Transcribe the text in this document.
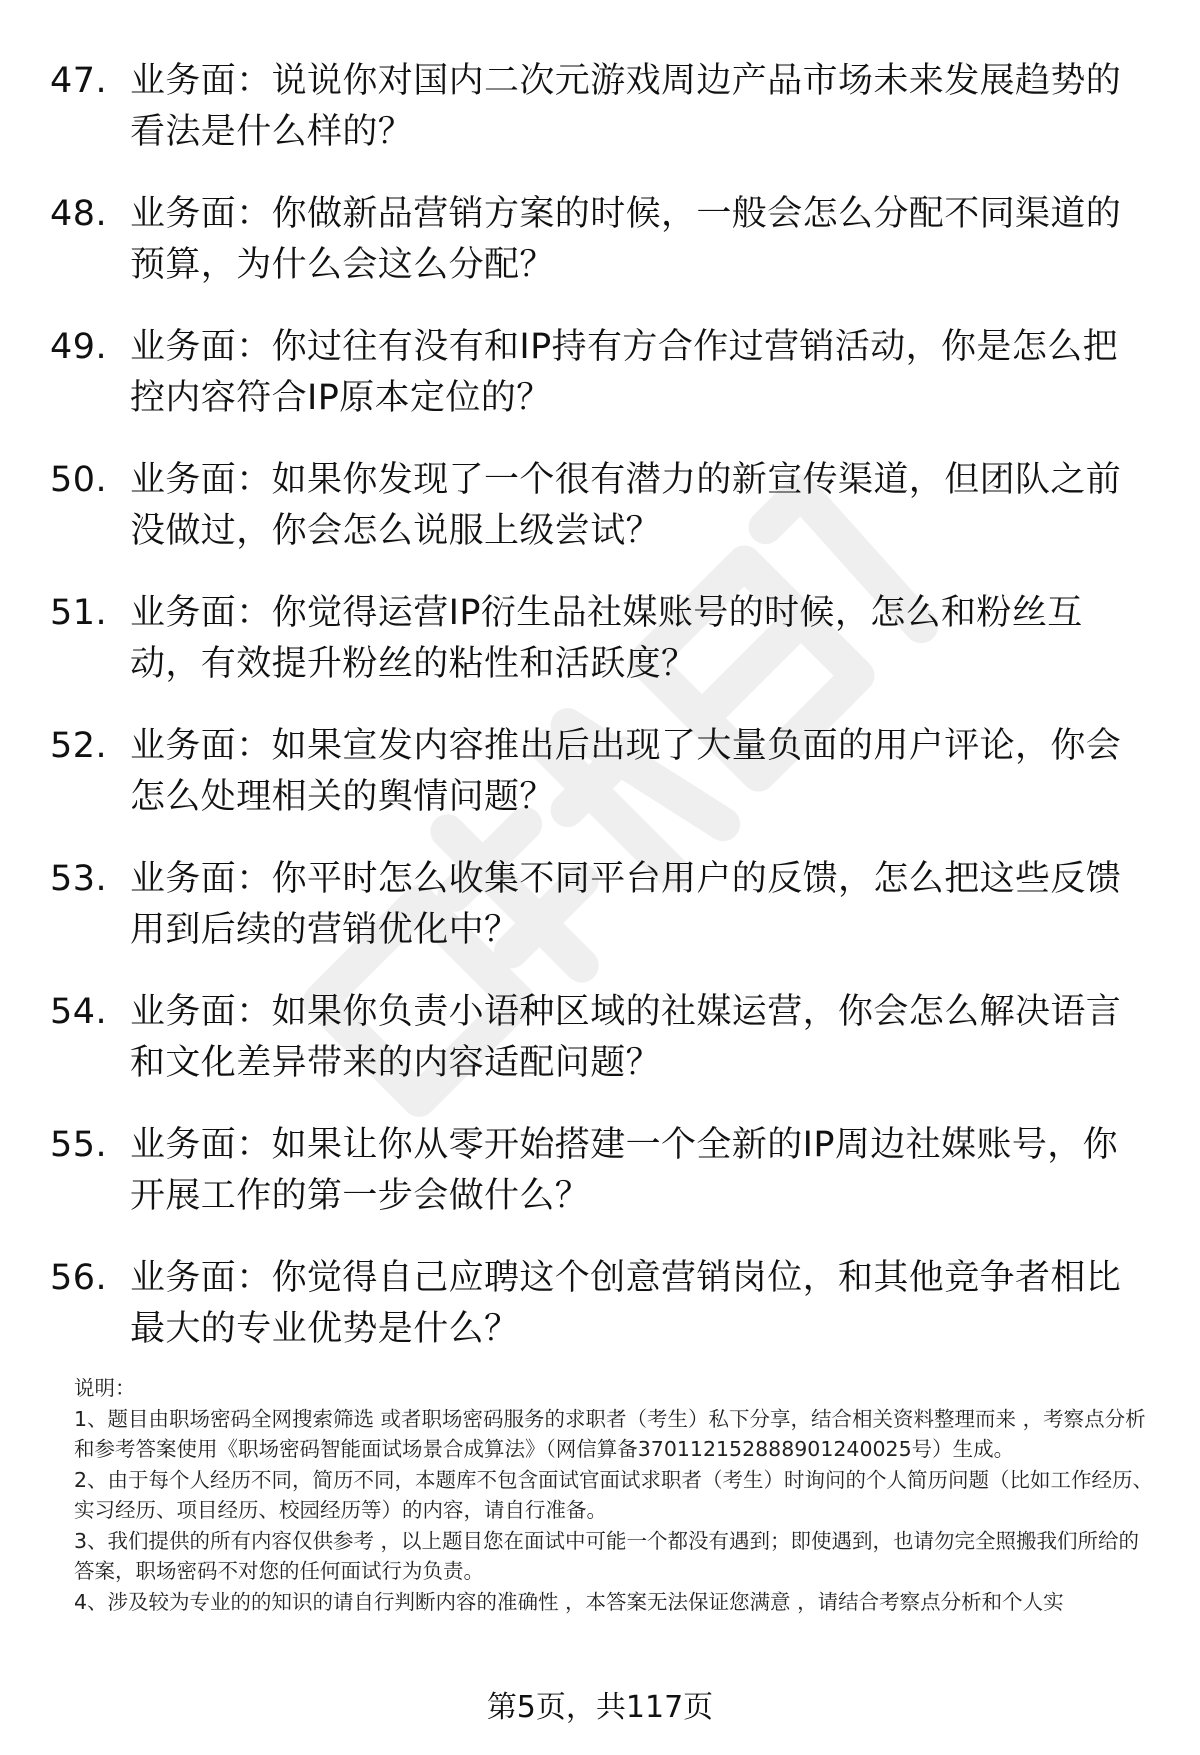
47. 业务面：说说你对国内二次元游戏周边产品市场未来发展趋势的看法是什么样的？
48. 业务面：你做新品营销方案的时候，一般会怎么分配不同渠道的预算，为什么会这么分配？
49. 业务面：你过往有没有和IP持有方合作过营销活动，你是怎么把控内容符合IP原本定位的？
50. 业务面：如果你发现了一个很有潜力的新宣传渠道，但团队之前没做过，你会怎么说服上级尝试？
51. 业务面：你觉得运营IP衍生品社媒账号的时候，怎么和粉丝互动，有效提升粉丝的粘性和活跃度？
52. 业务面：如果宣发内容推出后出现了大量负面的用户评论，你会怎么处理相关的舆情问题？
53. 业务面：你平时怎么收集不同平台用户的反馈，怎么把这些反馈用到后续的营销优化中？
54. 业务面：如果你负责小语种区域的社媒运营，你会怎么解决语言和文化差异带来的内容适配问题？
55. 业务面：如果让你从零开始搭建一个全新的IP周边社媒账号，你开展工作的第一步会做什么？
56. 业务面：你觉得自己应聘这个创意营销岗位，和其他竞争者相比最大的专业优势是什么？

说明：

1、题目由职场密码全网搜索筛选 或者职场密码服务的求职者（考生）私下分享，结合相关资料整理而来 ，考察点分析和参考答案使用《职场密码智能面试场景合成算法》（网信算备370112152888901240025号）生成。

2、由于每个人经历不同，简历不同，本题库不包含面试官面试求职者（考生）时询问的个人简历问题（比如工作经历、实习经历、项目经历、校园经历等）的内容，请自行准备。

3、我们提供的所有内容仅供参考 ，以上题目您在面试中可能一个都没有遇到；即使遇到，也请勿完全照搬我们所给的答案，职场密码不对您的任何面试行为负责。

4、涉及较为专业的的知识的请自行判断内容的准确性 ，本答案无法保证您满意 ，请结合考察点分析和个人实

第5页，共117页
